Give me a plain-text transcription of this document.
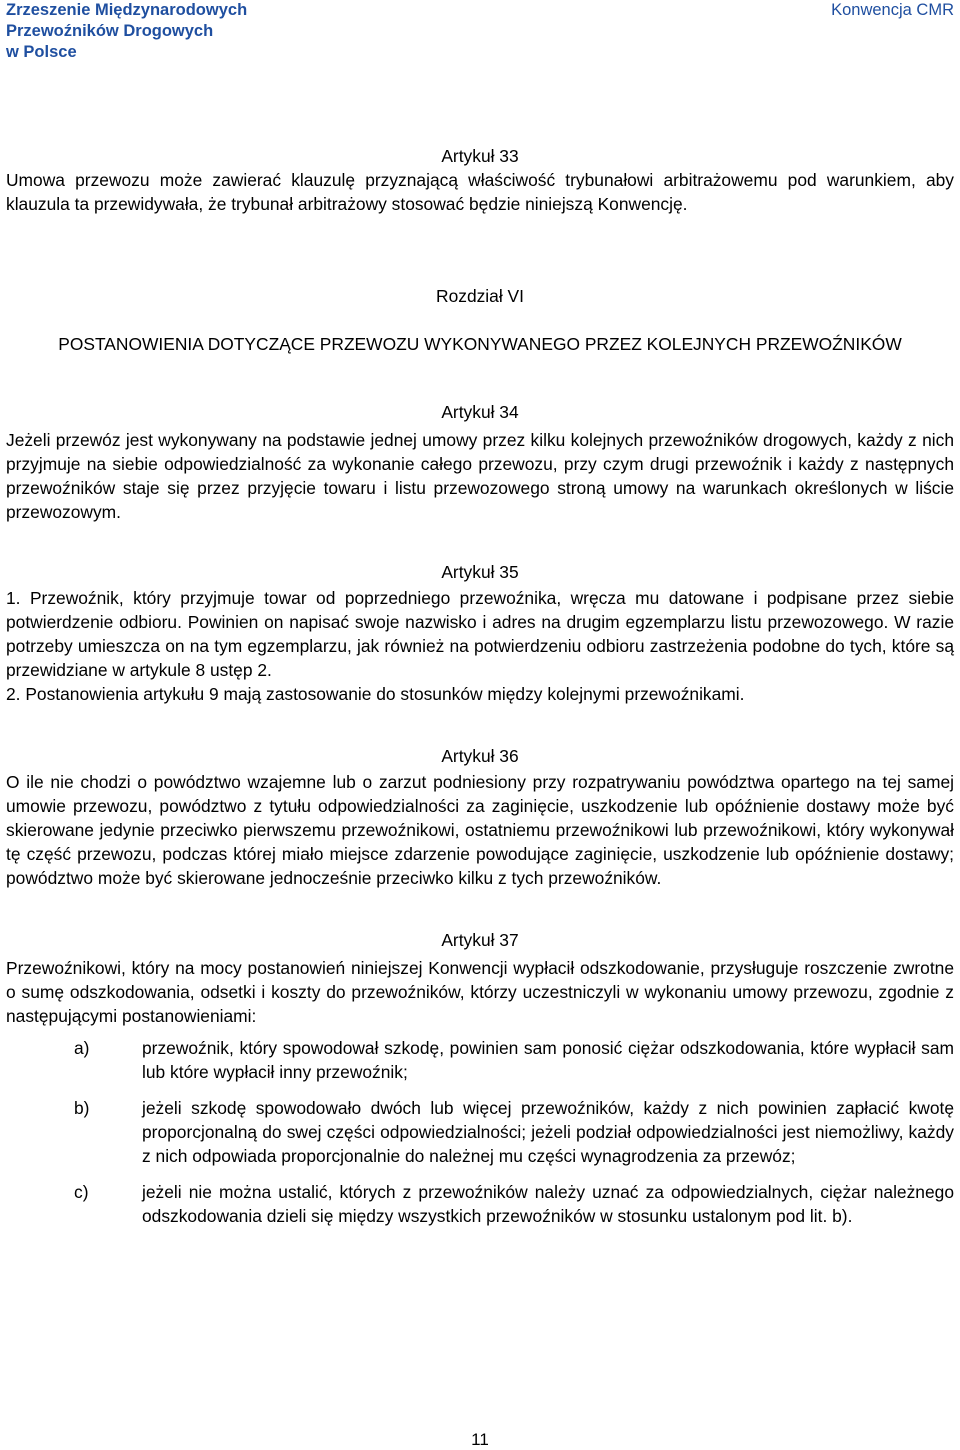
Zrzeszenie Międzynarodowych
Przewoźników Drogowych
w Polsce
Konwencja CMR
Artykuł 33

Umowa przewozu może zawierać klauzulę przyznającą właściwość trybunałowi arbitrażowemu pod warunkiem, aby klauzula ta przewidywała, że trybunał arbitrażowy stosować będzie niniejszą Konwencję.

Rozdział VI
POSTANOWIENIA DOTYCZĄCE PRZEWOZU WYKONYWANEGO PRZEZ KOLEJNYCH PRZEWOŹNIKÓW
Artykuł 34

Jeżeli przewóz jest wykonywany na podstawie jednej umowy przez kilku kolejnych przewoźników drogowych, każdy z nich przyjmuje na siebie odpowiedzialność za wykonanie całego przewozu, przy czym drugi przewoźnik i każdy z następnych przewoźników staje się przez przyjęcie towaru i listu przewozowego stroną umowy na warunkach określonych w liście przewozowym.

Artykuł 35

1. Przewoźnik, który przyjmuje towar od poprzedniego przewoźnika, wręcza mu datowane i podpisane przez siebie potwierdzenie odbioru. Powinien on napisać swoje nazwisko i adres na drugim egzemplarzu listu przewozowego. W razie potrzeby umieszcza on na tym egzemplarzu, jak również na potwierdzeniu odbioru zastrzeżenia podobne do tych, które są przewidziane w artykule 8 ustęp 2.

2. Postanowienia artykułu 9 mają zastosowanie do stosunków między kolejnymi przewoźnikami.

Artykuł 36

O ile nie chodzi o powództwo wzajemne lub o zarzut podniesiony przy rozpatrywaniu powództwa opartego na tej samej umowie przewozu, powództwo z tytułu odpowiedzialności za zaginięcie, uszkodzenie lub opóźnienie dostawy może być skierowane jedynie przeciwko pierwszemu przewoźnikowi, ostatniemu przewoźnikowi lub przewoźnikowi, który wykonywał tę część przewozu, podczas której miało miejsce zdarzenie powodujące zaginięcie, uszkodzenie lub opóźnienie dostawy; powództwo może być skierowane jednocześnie przeciwko kilku z tych przewoźników.

Artykuł 37

Przewoźnikowi, który na mocy postanowień niniejszej Konwencji wypłacił odszkodowanie, przysługuje roszczenie zwrotne o sumę odszkodowania, odsetki i koszty do przewoźników, którzy uczestniczyli w wykonaniu umowy przewozu, zgodnie z następującymi postanowieniami:

a)	przewoźnik, który spowodował szkodę, powinien sam ponosić ciężar odszkodowania, które wypłacił sam lub które wypłacił inny przewoźnik;
b)	jeżeli szkodę spowodowało dwóch lub więcej przewoźników, każdy z nich powinien zapłacić kwotę proporcjonalną do swej części odpowiedzialności; jeżeli podział odpowiedzialności jest niemożliwy, każdy z nich odpowiada proporcjonalnie do należnej mu części wynagrodzenia za przewóz;
c)	jeżeli nie można ustalić, których z przewoźników należy uznać za odpowiedzialnych, ciężar należnego odszkodowania dzieli się między wszystkich przewoźników w stosunku ustalonym pod lit. b).
11
